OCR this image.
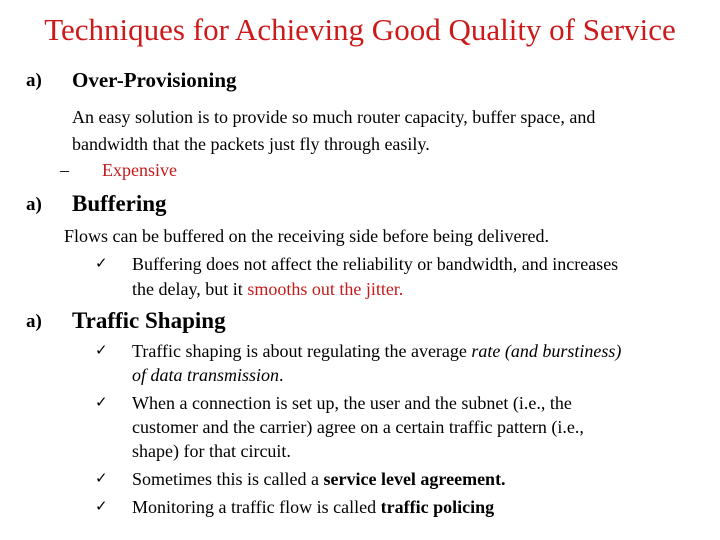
Techniques for Achieving Good Quality of Service
a) Over-Provisioning
An easy solution is to provide so much router capacity, buffer space, and
bandwidth that the packets just fly through easily.
– Expensive
a) Buffering
Flows can be buffered on the receiving side before being delivered.
✓ Buffering does not affect the reliability or bandwidth, and increases
the delay, but it smooths out the jitter.
a) Traffic Shaping
✓ Traffic shaping is about regulating the average rate (and burstiness)
of data transmission.
✓ When a connection is set up, the user and the subnet (i.e., the
customer and the carrier) agree on a certain traffic pattern (i.e.,
shape) for that circuit.
✓ Sometimes this is called a service level agreement.
✓ Monitoring a traffic flow is called traffic policing
